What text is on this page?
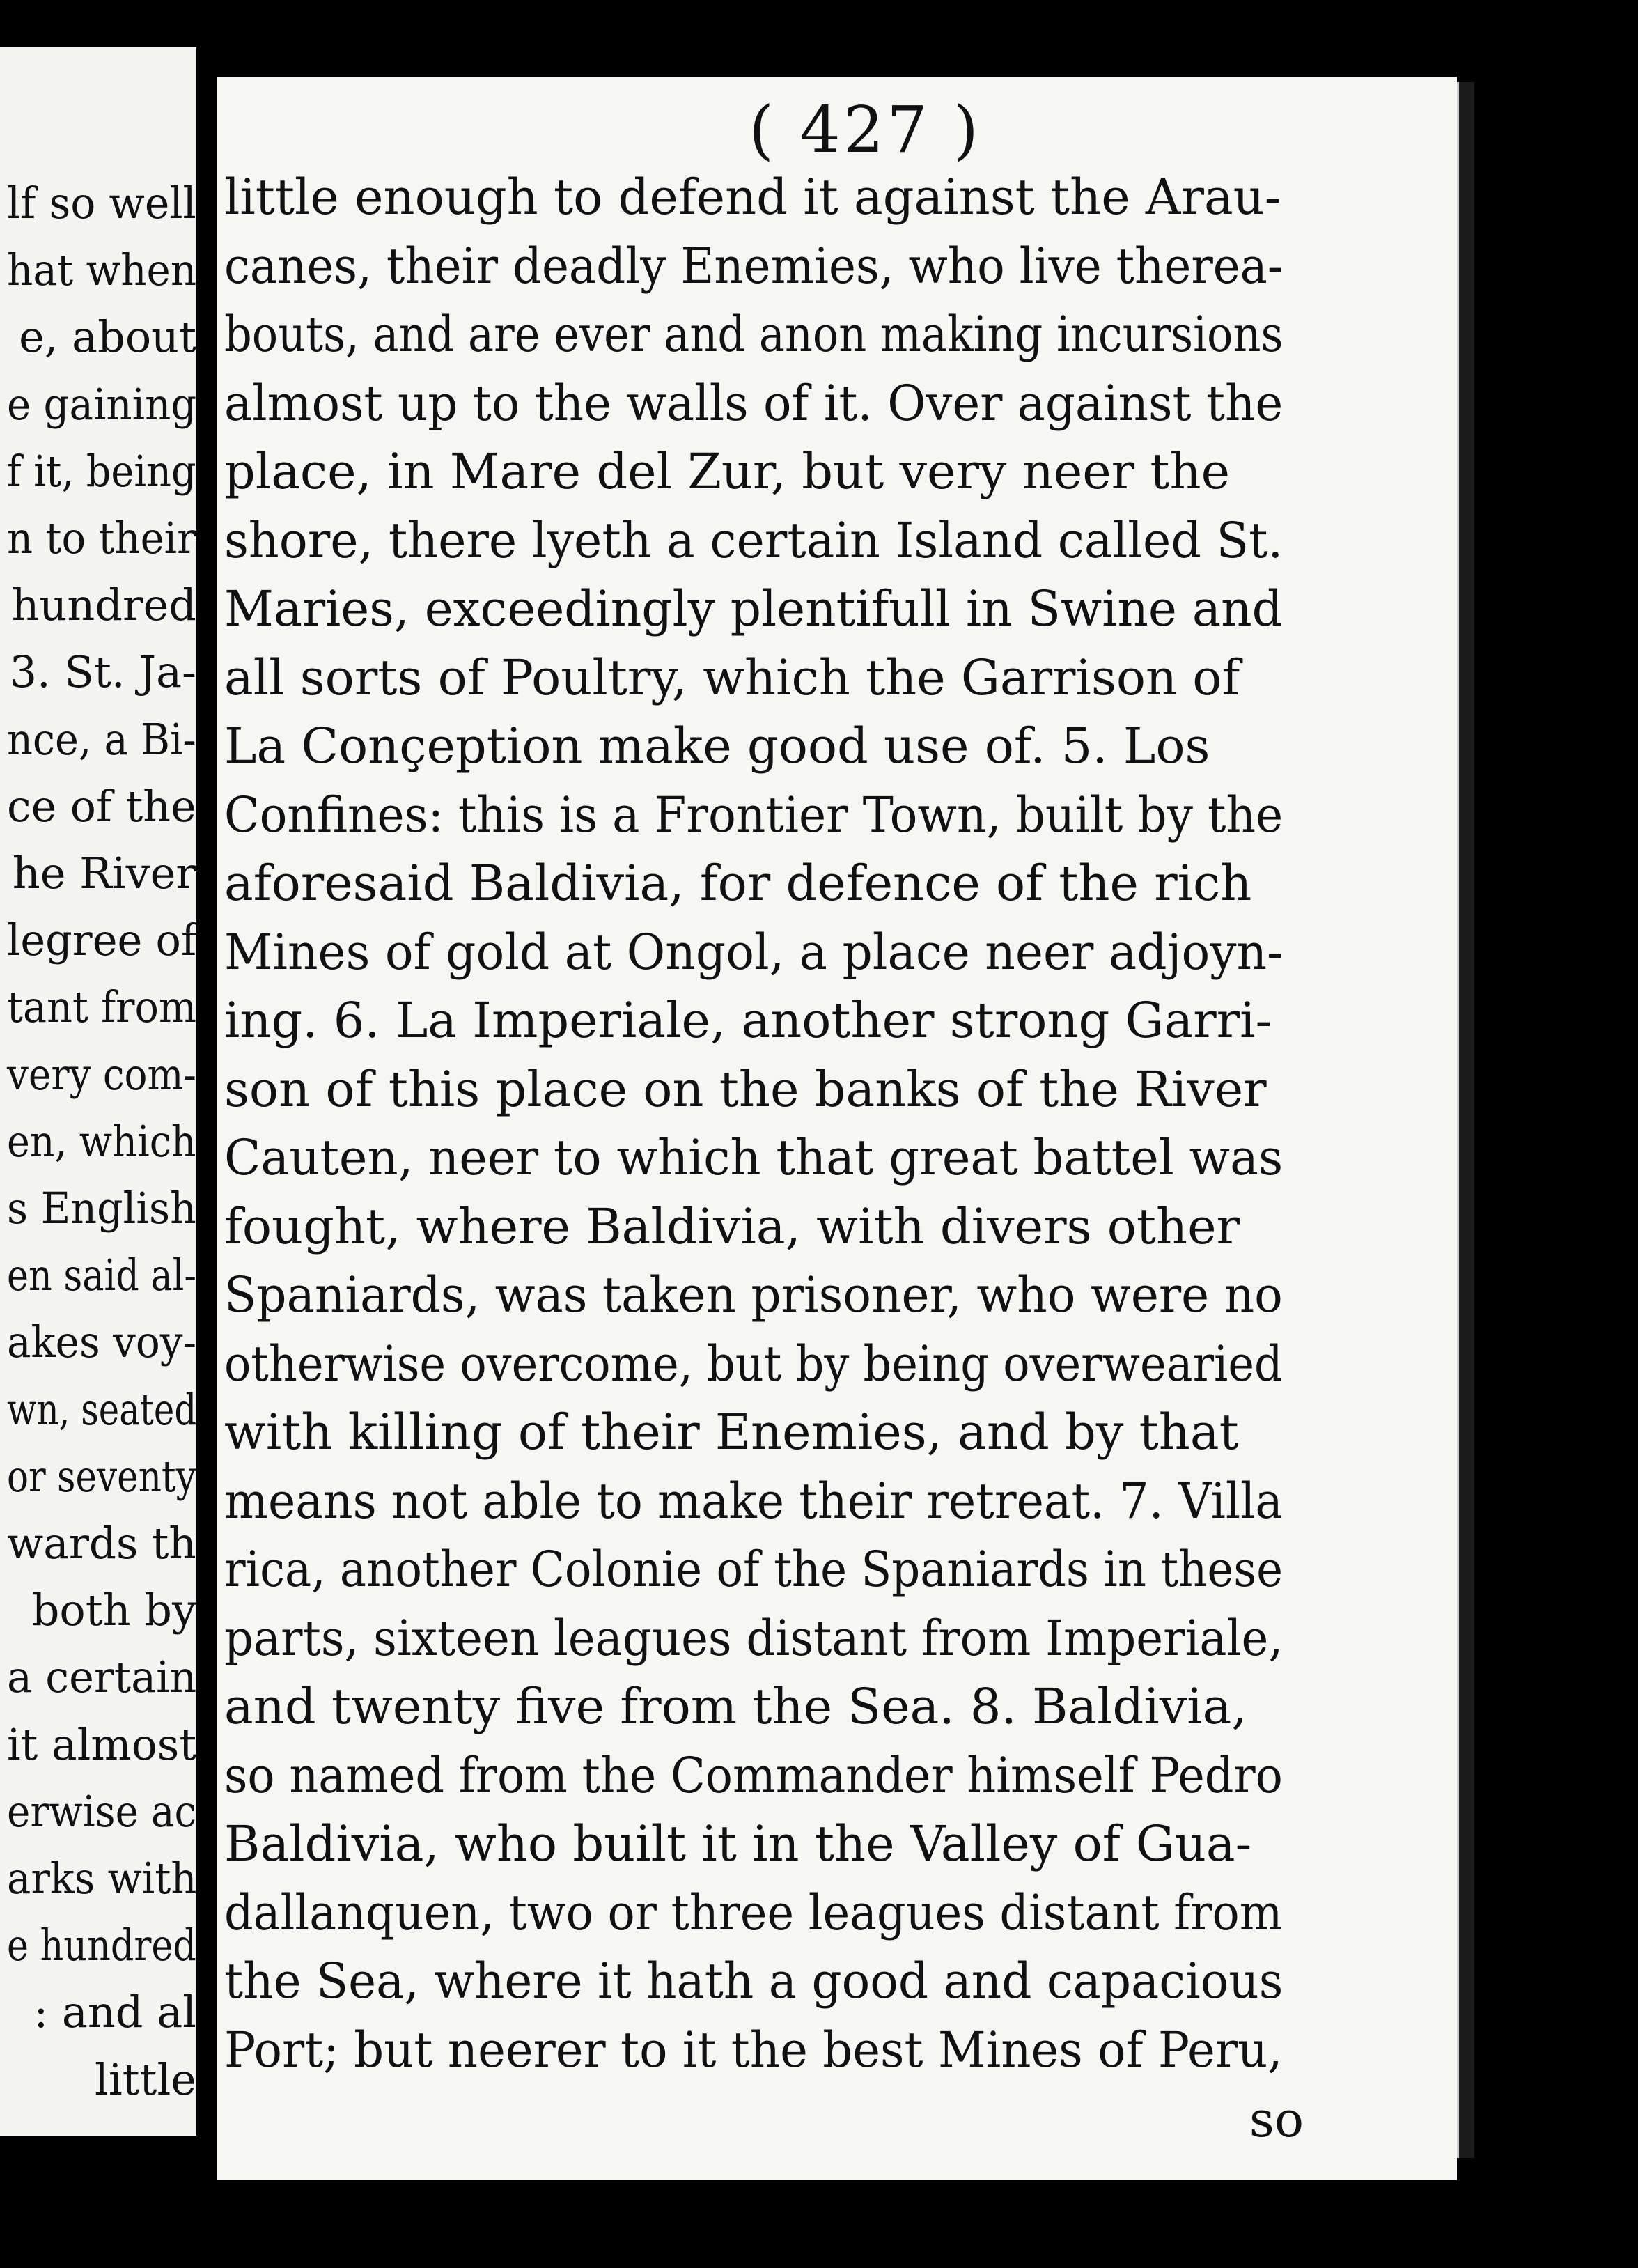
lf so well
hat when
e, about
e gaining
f it, being
n to their
hundred
3. St. Ja-
nce, a Bi-
ce of the
he River
legree of
tant from
very com-
en, which
s English
en said al-
akes voy-
wn, seated
or seventy
wards th
both by
a certain
it almost
erwise ac
arks with
e hundred
: and al
little
( 427 )
little enough to defend it against the Arau-
canes, their deadly Enemies, who live therea-
bouts, and are ever and anon making incursions
almost up to the walls of it. Over against the
place, in Mare del Zur, but very neer the
shore, there lyeth a certain Island called St.
Maries, exceedingly plentifull in Swine and
all sorts of Poultry, which the Garrison of
La Conçeption make good use of. 5. Los
Confines: this is a Frontier Town, built by the
aforesaid Baldivia, for defence of the rich
Mines of gold at Ongol, a place neer adjoyn-
ing. 6. La Imperiale, another strong Garri-
son of this place on the banks of the River
Cauten, neer to which that great battel was
fought, where Baldivia, with divers other
Spaniards, was taken prisoner, who were no
otherwise overcome, but by being overwearied
with killing of their Enemies, and by that
means not able to make their retreat. 7. Villa
rica, another Colonie of the Spaniards in these
parts, sixteen leagues distant from Imperiale,
and twenty five from the Sea. 8. Baldivia,
so named from the Commander himself Pedro
Baldivia, who built it in the Valley of Gua-
dallanquen, two or three leagues distant from
the Sea, where it hath a good and capacious
Port; but neerer to it the best Mines of Peru,
so
